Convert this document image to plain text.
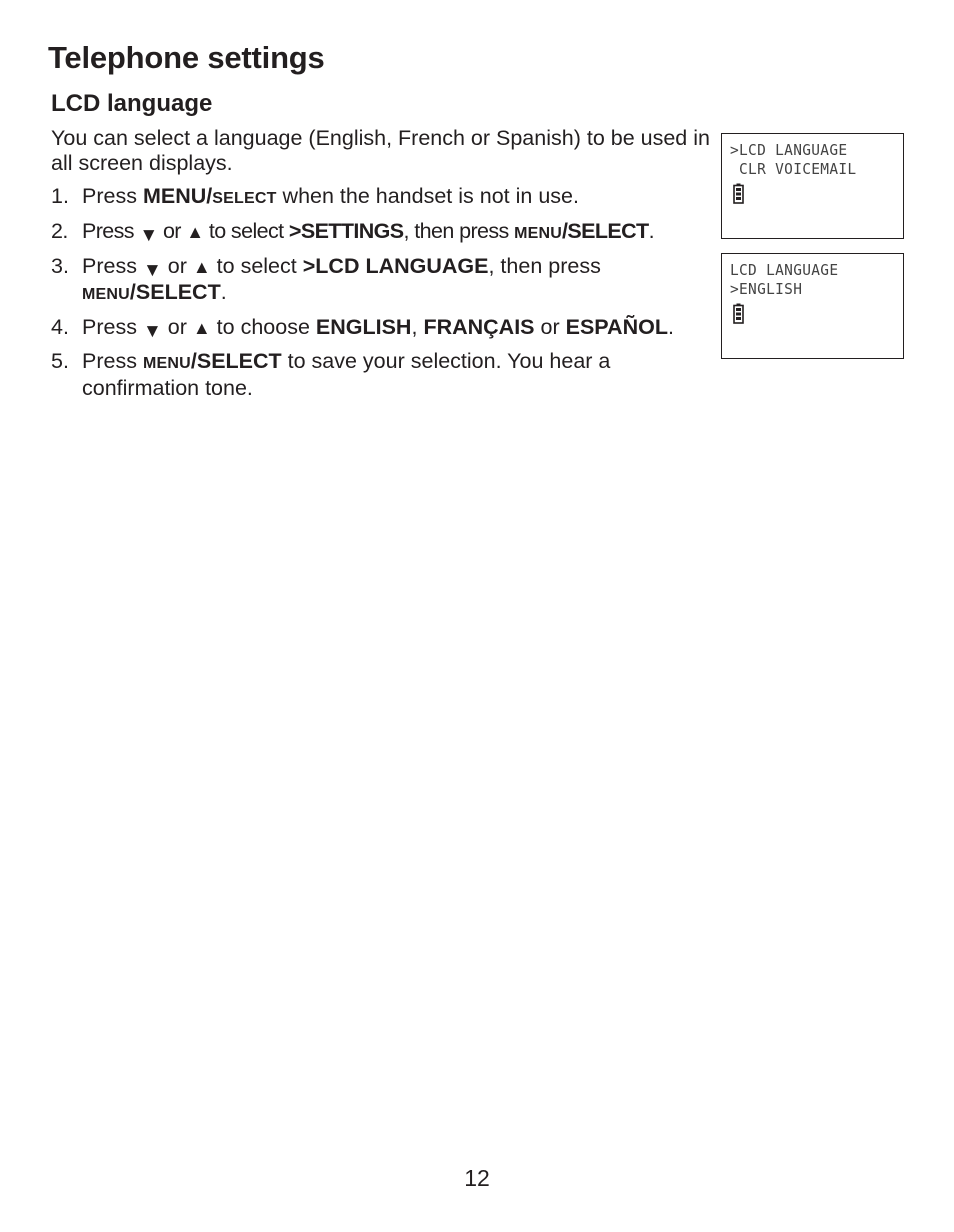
Telephone settings
LCD language

You can select a language (English, French or Spanish) to be used in all screen displays.

1. Press MENU/SELECT when the handset is not in use.
2. Press ▼ or ▲ to select >SETTINGS, then press MENU/SELECT.
3. Press ▼ or ▲ to select >LCD LANGUAGE, then press MENU/SELECT.
4. Press ▼ or ▲ to choose ENGLISH, FRANÇAIS or ESPAÑOL.
5. Press MENU/SELECT to save your selection. You hear a confirmation tone.
>LCD LANGUAGE
CLR VOICEMAIL
LCD LANGUAGE
>ENGLISH
12
